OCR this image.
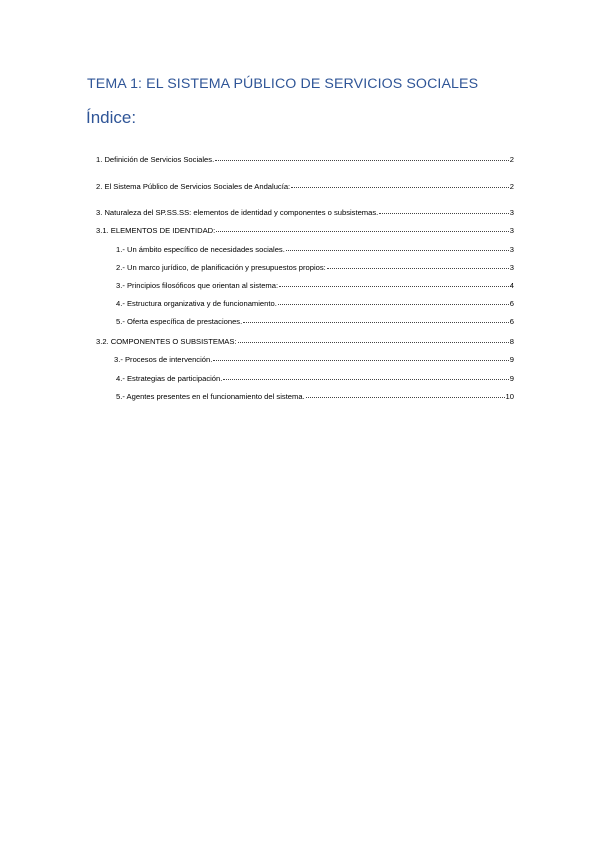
TEMA 1: EL SISTEMA PÚBLICO DE SERVICIOS SOCIALES
Índice:
1. Definición de Servicios Sociales.	2
2. El Sistema Público de Servicios Sociales de Andalucía:	2
3. Naturaleza del SP.SS.SS: elementos de identidad y componentes o subsistemas.	3
3.1. ELEMENTOS DE IDENTIDAD:	3
1.- Un ámbito específico de necesidades sociales.	3
2.- Un marco jurídico, de planificación y presupuestos propios:	3
3.- Principios filosóficos que orientan al sistema:	4
4.- Estructura organizativa y de funcionamiento.	6
5.- Oferta específica de prestaciones.	6
3.2. COMPONENTES O SUBSISTEMAS:	8
3.- Procesos de intervención.	9
4.- Estrategias de participación.	9
5.- Agentes presentes en el funcionamiento del sistema.	10
